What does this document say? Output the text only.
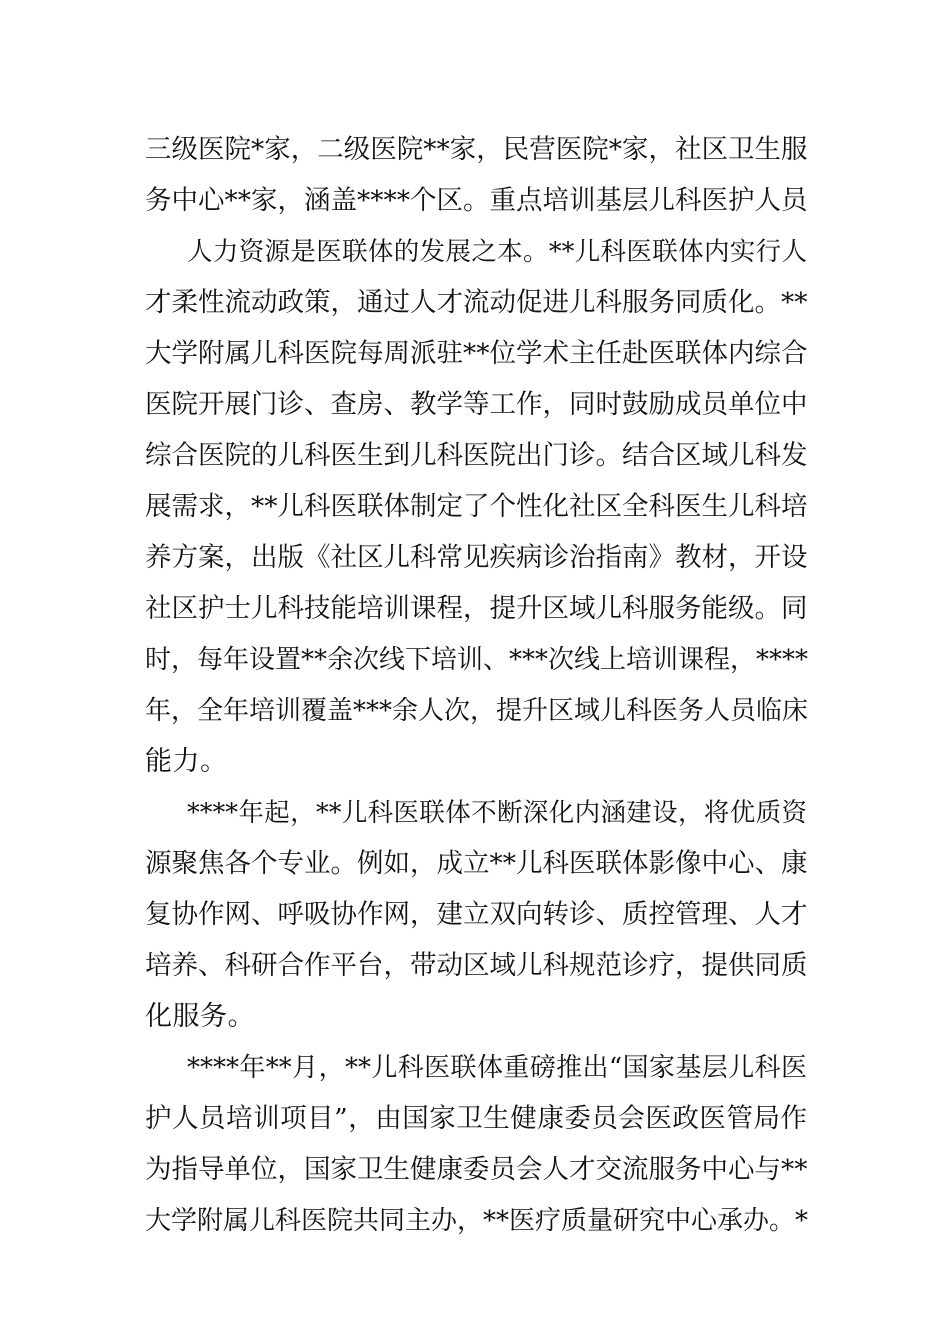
三级医院*家，二级医院**家，民营医院*家，社区卫生服

务中心**家，涵盖****个区。重点培训基层儿科医护人员

人力资源是医联体的发展之本。**儿科医联体内实行人

才柔性流动政策，通过人才流动促进儿科服务同质化。**

大学附属儿科医院每周派驻**位学术主任赴医联体内综合

医院开展门诊、查房、教学等工作，同时鼓励成员单位中

综合医院的儿科医生到儿科医院出门诊。结合区域儿科发

展需求，**儿科医联体制定了个性化社区全科医生儿科培

养方案，出版《社区儿科常见疾病诊治指南》教材，开设

社区护士儿科技能培训课程，提升区域儿科服务能级。同

时，每年设置**余次线下培训、***次线上培训课程，****

年，全年培训覆盖***余人次，提升区域儿科医务人员临床

能力。

****年起，**儿科医联体不断深化内涵建设，将优质资

源聚焦各个专业。例如，成立**儿科医联体影像中心、康

复协作网、呼吸协作网，建立双向转诊、质控管理、人才

培养、科研合作平台，带动区域儿科规范诊疗，提供同质

化服务。

****年**月，**儿科医联体重磅推出“国家基层儿科医

护人员培训项目”，由国家卫生健康委员会医政医管局作

为指导单位，国家卫生健康委员会人才交流服务中心与**

大学附属儿科医院共同主办，**医疗质量研究中心承办。*
